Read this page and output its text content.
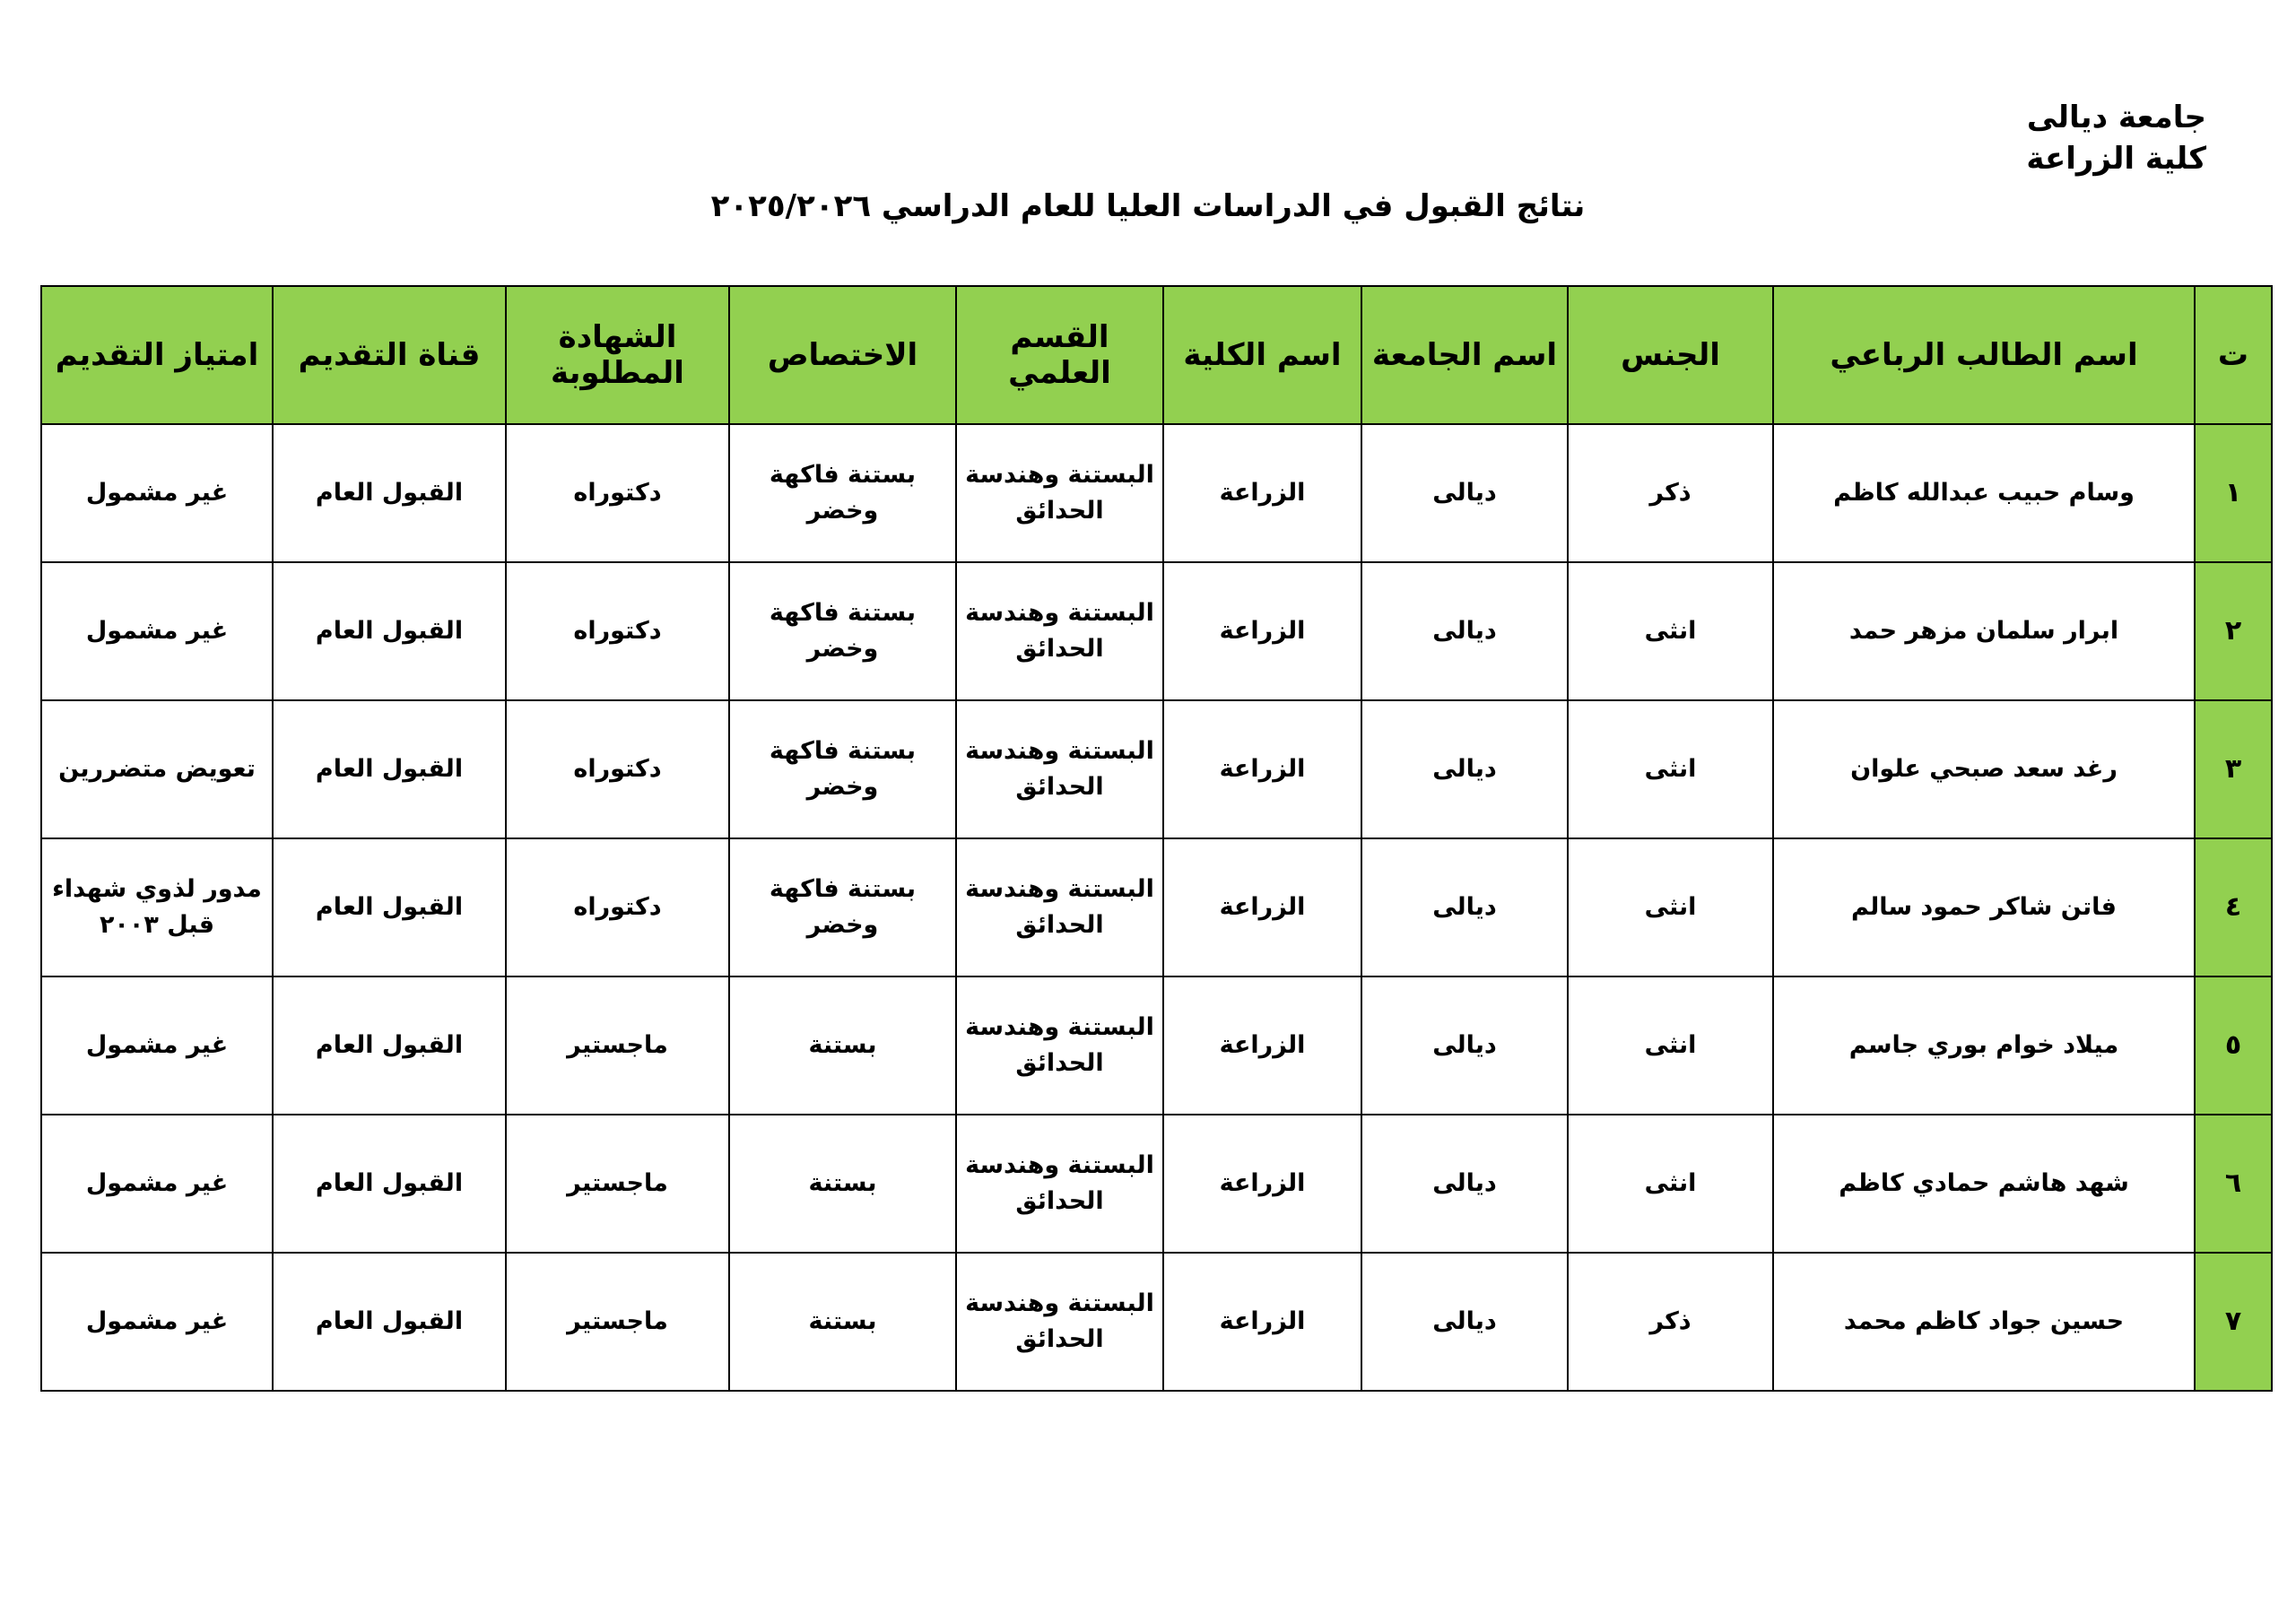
جامعة ديالى
كلية الزراعة
نتائج القبول في الدراسات العليا للعام الدراسي ٢٠٢٥/٢٠٢٦
ت	اسم الطالب الرباعي	الجنس	اسم الجامعة	اسم الكلية	القسم العلمي	الاختصاص	الشهادة المطلوبة	قناة التقديم	امتياز التقديم
١	وسام حبيب عبدالله كاظم	ذكر	ديالى	الزراعة	البستنة وهندسة الحدائق	بستنة فاكهة وخضر	دكتوراه	القبول العام	غير مشمول
٢	ابرار سلمان مزهر حمد	انثى	ديالى	الزراعة	البستنة وهندسة الحدائق	بستنة فاكهة وخضر	دكتوراه	القبول العام	غير مشمول
٣	رغد سعد صبحي علوان	انثى	ديالى	الزراعة	البستنة وهندسة الحدائق	بستنة فاكهة وخضر	دكتوراه	القبول العام	تعويض متضررين
٤	فاتن شاكر حمود سالم	انثى	ديالى	الزراعة	البستنة وهندسة الحدائق	بستنة فاكهة وخضر	دكتوراه	القبول العام	مدور لذوي شهداء قبل ٢٠٠٣
٥	ميلاد خوام بوري جاسم	انثى	ديالى	الزراعة	البستنة وهندسة الحدائق	بستنة	ماجستير	القبول العام	غير مشمول
٦	شهد هاشم حمادي كاظم	انثى	ديالى	الزراعة	البستنة وهندسة الحدائق	بستنة	ماجستير	القبول العام	غير مشمول
٧	حسين جواد كاظم محمد	ذكر	ديالى	الزراعة	البستنة وهندسة الحدائق	بستنة	ماجستير	القبول العام	غير مشمول
